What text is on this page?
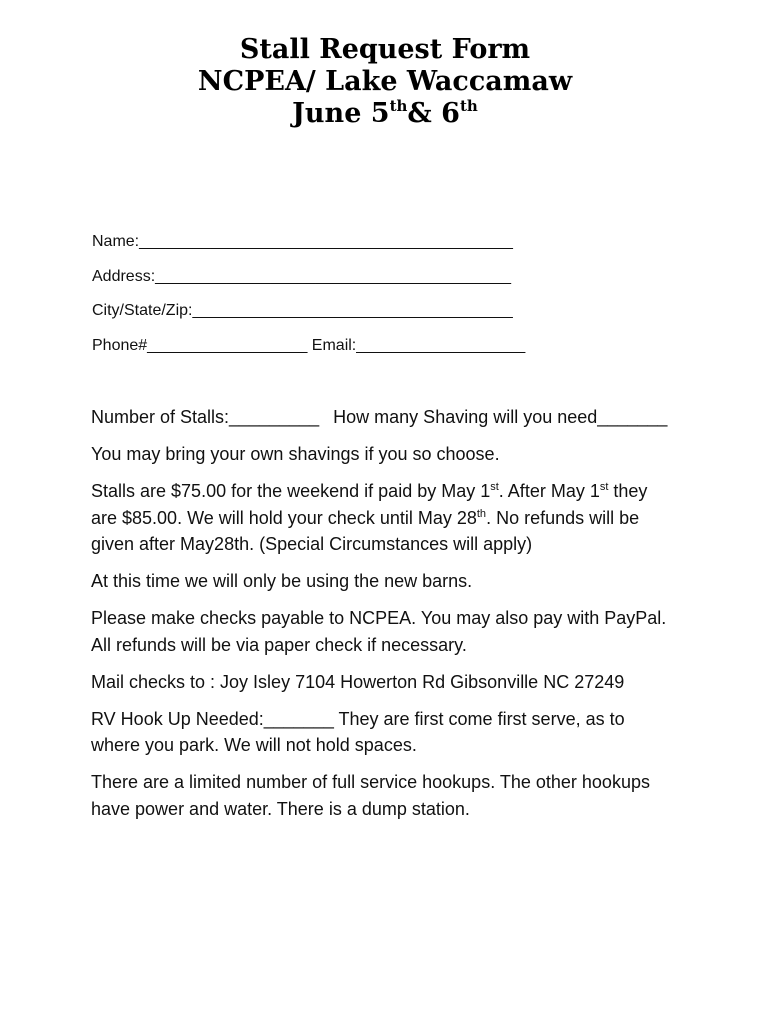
Stall Request Form
NCPEA/ Lake Waccamaw
June 5th& 6th
Name:__________________________________________
Address:________________________________________
City/State/Zip:____________________________________
Phone#__________________ Email:___________________
Number of Stalls:_________ How many Shaving will you need_______
You may bring your own shavings if you so choose.
Stalls are $75.00 for the weekend if paid by May 1st. After May 1st they
are $85.00. We will hold your check until May 28th. No refunds will be
given after May28th. (Special Circumstances will apply)
At this time we will only be using the new barns.
Please make checks payable to NCPEA. You may also pay with PayPal.
All refunds will be via paper check if necessary.
Mail checks to : Joy Isley 7104 Howerton Rd Gibsonville NC 27249
RV Hook Up Needed:_______ They are first come first serve, as to
where you park. We will not hold spaces.
There are a limited number of full service hookups. The other hookups
have power and water. There is a dump station.
